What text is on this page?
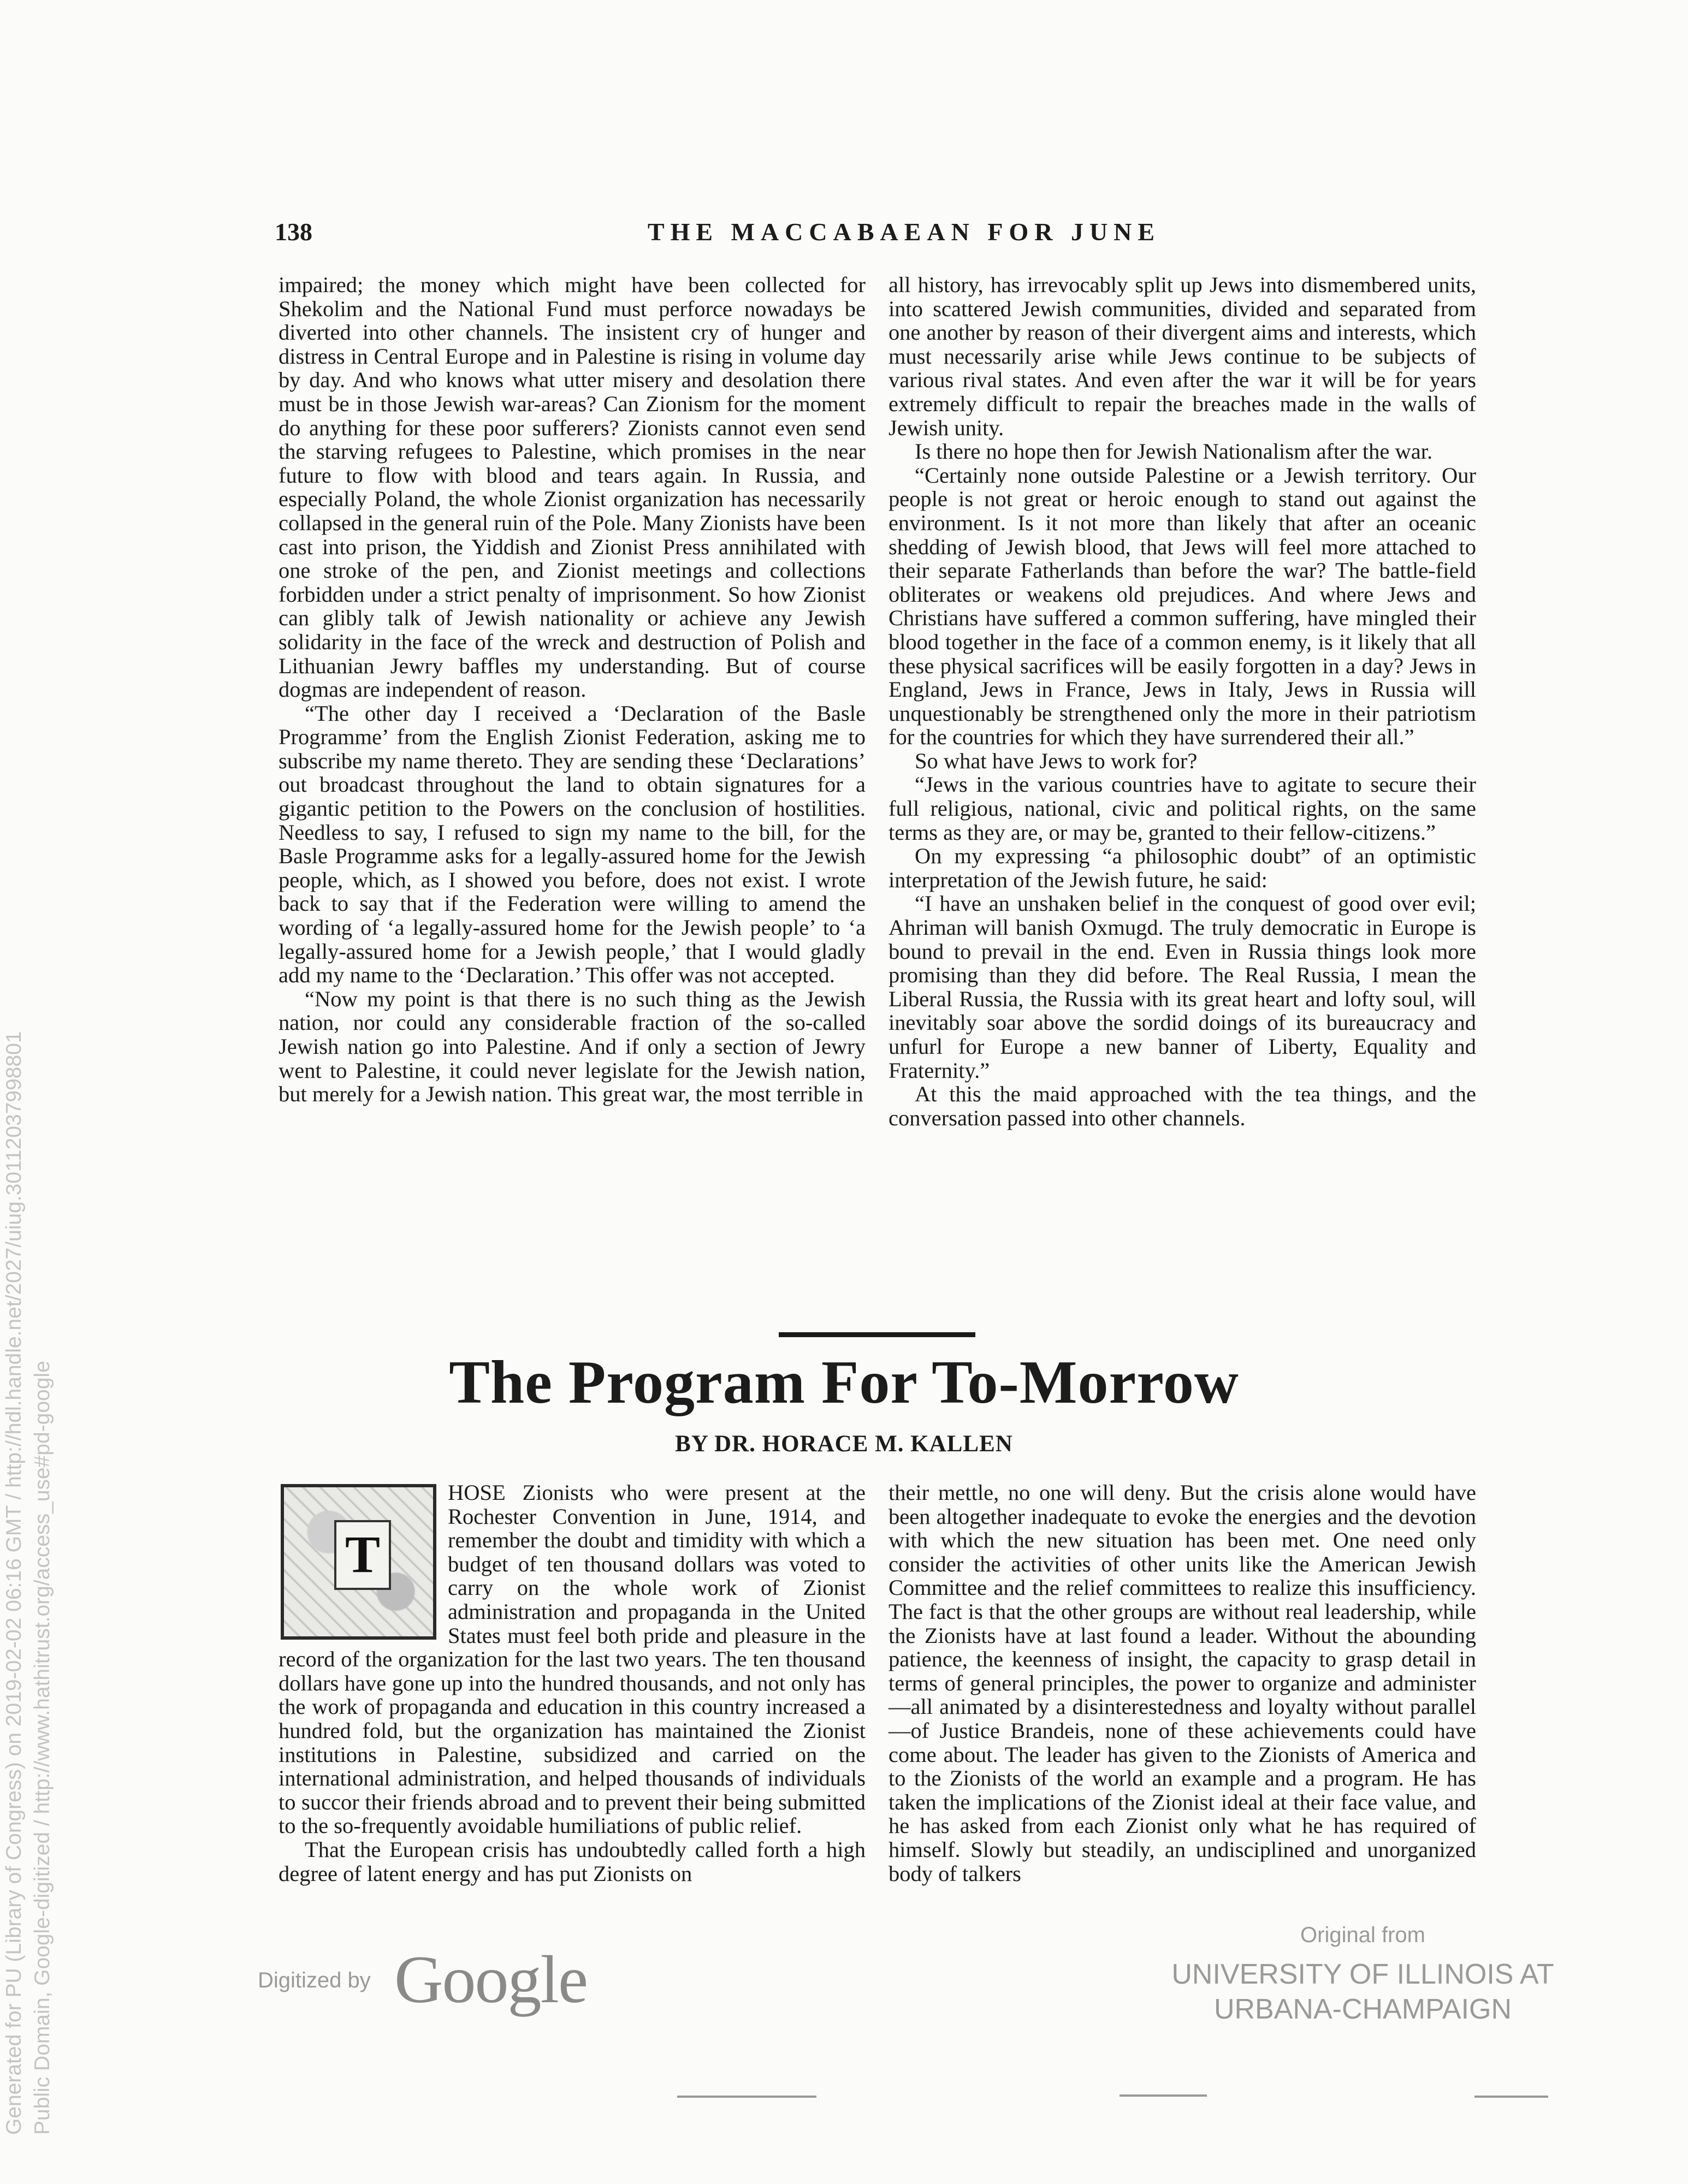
1​38	THE MACCABAEAN FOR JUNE

impaired; the money which might have been collected for Shekolim and the National Fund must perforce nowadays be diverted into other channels. The insistent cry of hunger and distress in Central Europe and in Palestine is rising in volume day by day. And who knows what utter misery and desolation there must be in those Jewish war-areas? Can Zionism for the moment do anything for these poor sufferers? Zionists cannot even send the starving refugees to Palestine, which promises in the near future to flow with blood and tears again. In Russia, and especially Poland, the whole Zionist organization has necessarily collapsed in the general ruin of the Pole. Many Zionists have been cast into prison, the Yiddish and Zionist Press annihilated with one stroke of the pen, and Zionist meetings and collections forbidden under a strict penalty of imprisonment. So how Zionist can glibly talk of Jewish nationality or achieve any Jewish solidarity in the face of the wreck and destruction of Polish and Lithuanian Jewry baffles my understanding. But of course dogmas are independent of reason.

“The other day I received a ‘Declaration of the Basle Programme’ from the English Zionist Federation, asking me to subscribe my name thereto. They are sending these ‘Declarations’ out broadcast throughout the land to obtain signatures for a gigantic petition to the Powers on the conclusion of hostilities. Needless to say, I refused to sign my name to the bill, for the Basle Programme asks for a legally-assured home for the Jewish people, which, as I showed you before, does not exist. I wrote back to say that if the Federation were willing to amend the wording of ‘a legally-assured home for the Jewish people’ to ‘a legally-assured home for a Jewish people,’ that I would gladly add my name to the ‘Declaration.’ This offer was not accepted.

“Now my point is that there is no such thing as the Jewish nation, nor could any considerable fraction of the so-called Jewish nation go into Palestine. And if only a section of Jewry went to Palestine, it could never legislate for the Jewish nation, but merely for a Jewish nation. This great war, the most terrible in

all history, has irrevocably split up Jews into dismembered units, into scattered Jewish communities, divided and separated from one another by reason of their divergent aims and interests, which must necessarily arise while Jews continue to be subjects of various rival states. And even after the war it will be for years extremely difficult to repair the breaches made in the walls of Jewish unity.

Is there no hope then for Jewish Nationalism after the war.

“Certainly none outside Palestine or a Jewish territory. Our people is not great or heroic enough to stand out against the environment. Is it not more than likely that after an oceanic shedding of Jewish blood, that Jews will feel more attached to their separate Fatherlands than before the war? The battle-field obliterates or weakens old prejudices. And where Jews and Christians have suffered a common suffering, have mingled their blood together in the face of a common enemy, is it likely that all these physical sacrifices will be easily forgotten in a day? Jews in England, Jews in France, Jews in Italy, Jews in Russia will unquestionably be strengthened only the more in their patriotism for the countries for which they have surrendered their all.”

So what have Jews to work for?

“Jews in the various countries have to agitate to secure their full religious, national, civic and political rights, on the same terms as they are, or may be, granted to their fellow-citizens.”

On my expressing “a philosophic doubt” of an optimistic interpretation of the Jewish future, he said:

“I have an unshaken belief in the conquest of good over evil; Ahriman will banish Oxmugd. The truly democratic in Europe is bound to prevail in the end. Even in Russia things look more promising than they did before. The Real Russia, I mean the Liberal Russia, the Russia with its great heart and lofty soul, will inevitably soar above the sordid doings of its bureaucracy and unfurl for Europe a new banner of Liberty, Equality and Fraternity.”

At this the maid approached with the tea things, and the conversation passed into other channels.

The Program For To-Morrow
BY DR. HORACE M. KALLEN
T

HOSE Zionists who were present at the Rochester Convention in June, 1914, and remember the doubt and timidity with which a budget of ten thousand dollars was voted to carry on the whole work of Zionist administration and propaganda in the United States must feel both pride and pleasure in the record of the organization for the last two years. The ten thousand dollars have gone up into the hundred thousands, and not only has the work of propaganda and education in this country increased a hundred fold, but the organization has maintained the Zionist institutions in Palestine, subsidized and carried on the international administration, and helped thousands of individuals to succor their friends abroad and to prevent their being submitted to the so-frequently avoidable humiliations of public relief.

That the European crisis has undoubtedly called forth a high degree of latent energy and has put Zionists on

their mettle, no one will deny. But the crisis alone would have been altogether inadequate to evoke the energies and the devotion with which the new situation has been met. One need only consider the activities of other units like the American Jewish Committee and the relief committees to realize this insufficiency. The fact is that the other groups are without real leadership, while the Zionists have at last found a leader. Without the abounding patience, the keenness of insight, the capacity to grasp detail in terms of general principles, the power to organize and administer—all animated by a disinterestedness and loyalty without parallel—of Justice Brandeis, none of these achievements could have come about. The leader has given to the Zionists of America and to the Zionists of the world an example and a program. He has taken the implications of the Zionist ideal at their face value, and he has asked from each Zionist only what he has required of himself. Slowly but steadily, an undisciplined and unorganized body of talkers

Digitized by Google
Original from
UNIVERSITY OF ILLINOIS AT
URBANA-CHAMPAIGN
Generated for PU (Library of Congress) on 2019-02-02 06:16 GMT / http://hdl.handle.net/2027/uiug.30112037998801 Public Domain, Google-digitized / http://www.hathitrust.org/access_use#pd-google
